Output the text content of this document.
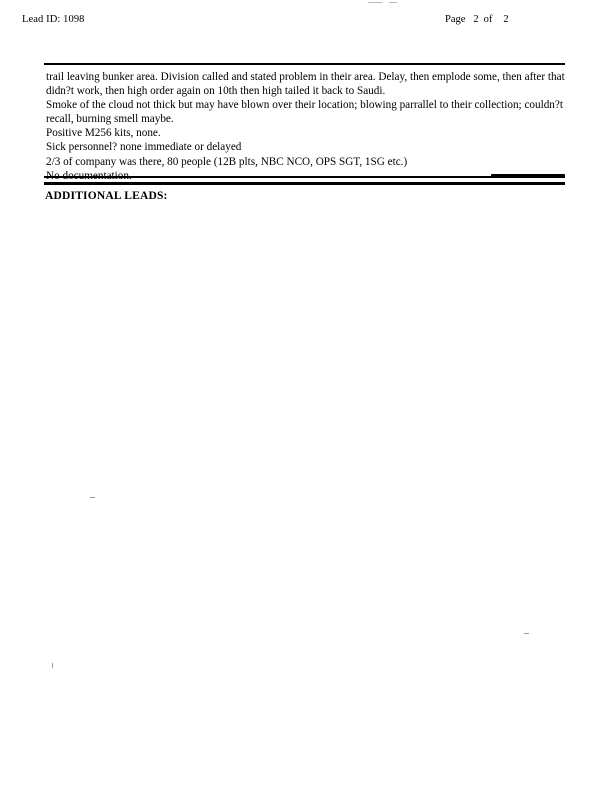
Lead ID: 1098	Page 2 of 2

trail leaving bunker area. Division called and stated problem in their area. Delay, then emplode some, then after that didn?t work, then high order again on 10th then high tailed it back to Saudi.

Smoke of the cloud not thick but may have blown over their location; blowing parrallel to their collection; couldn?t recall, burning smell maybe.

Positive M256 kits, none.

Sick personnel? none immediate or delayed

2/3 of company was there, 80 people (12B plts, NBC NCO, OPS SGT, 1SG etc.)

ADDITIONAL LEADS:
